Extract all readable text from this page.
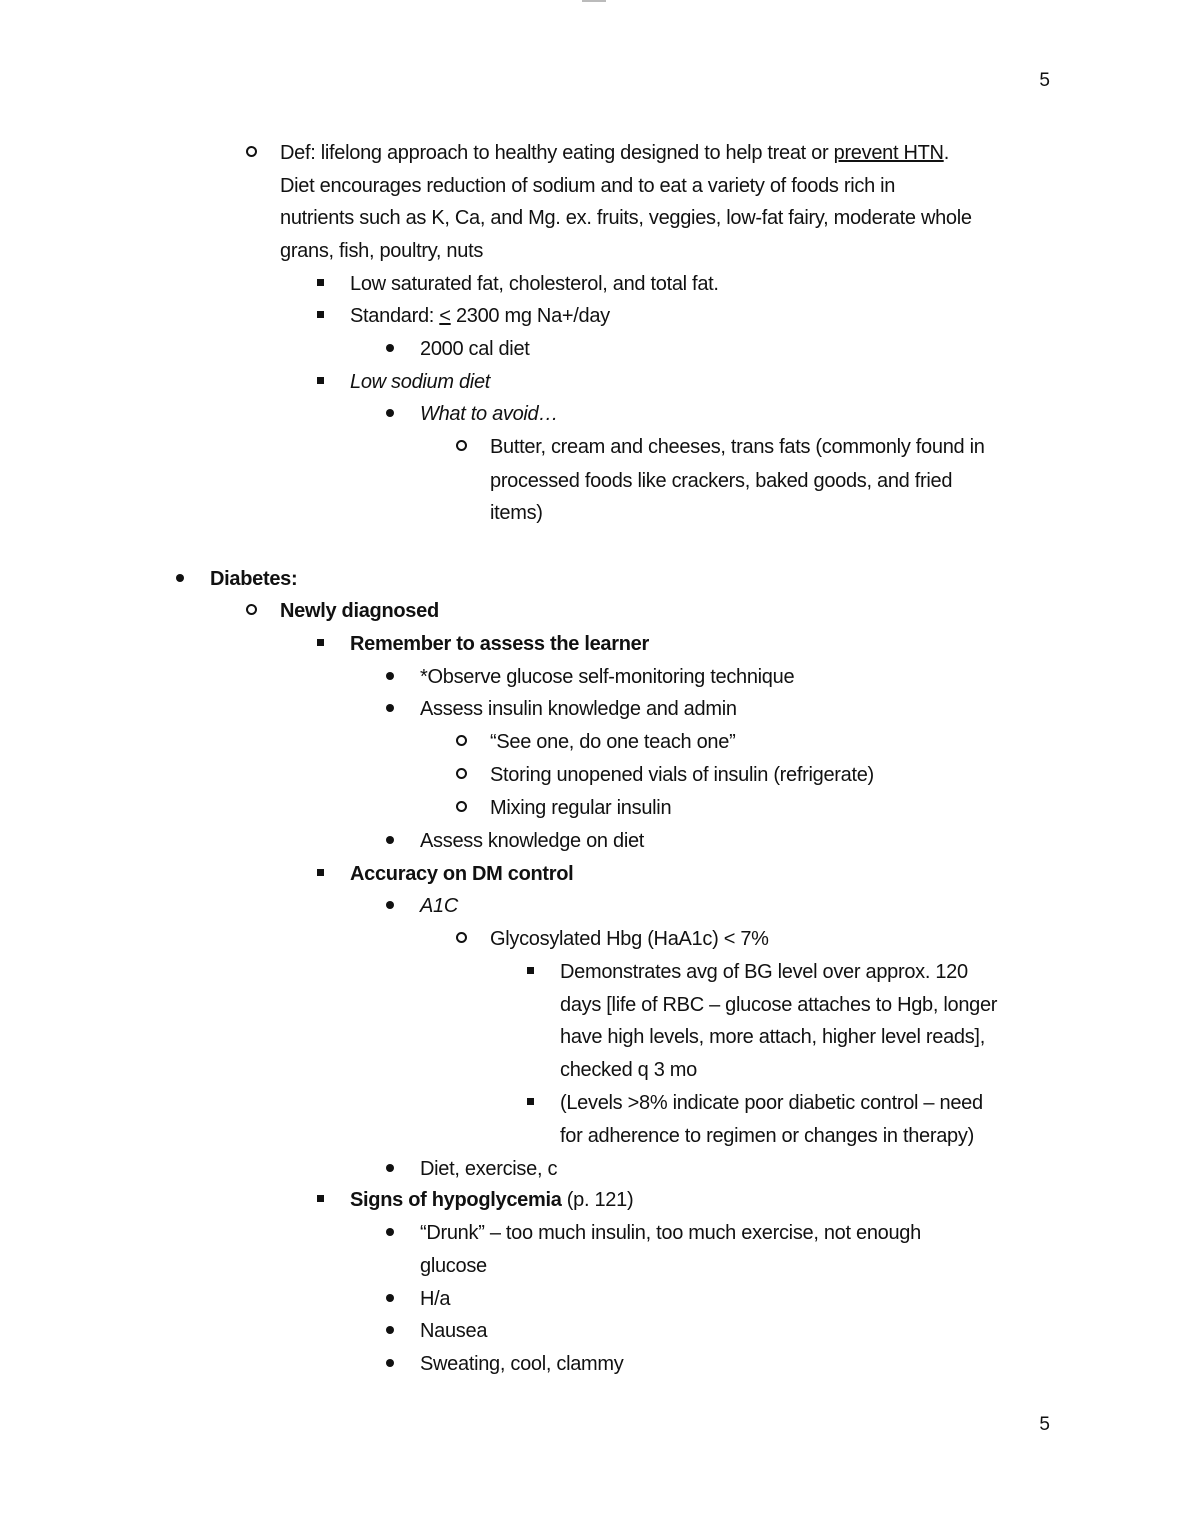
5
Def: lifelong approach to healthy eating designed to help treat or prevent HTN.
Diet encourages reduction of sodium and to eat a variety of foods rich in
nutrients such as K, Ca, and Mg. ex. fruits, veggies, low-fat fairy, moderate whole
grans, fish, poultry, nuts
Low saturated fat, cholesterol, and total fat.
Standard: < 2300 mg Na+/day
2000 cal diet
Low sodium diet
What to avoid…
Butter, cream and cheeses, trans fats (commonly found in
processed foods like crackers, baked goods, and fried
items)
Diabetes:
Newly diagnosed
Remember to assess the learner
*Observe glucose self-monitoring technique
Assess insulin knowledge and admin
“See one, do one teach one”
Storing unopened vials of insulin (refrigerate)
Mixing regular insulin
Assess knowledge on diet
Accuracy on DM control
A1C
Glycosylated Hbg (HaA1c) < 7%
Demonstrates avg of BG level over approx. 120
days [life of RBC – glucose attaches to Hgb, longer
have high levels, more attach, higher level reads],
checked q 3 mo
(Levels >8% indicate poor diabetic control – need
for adherence to regimen or changes in therapy)
Diet, exercise, c
Signs of hypoglycemia (p. 121)
“Drunk” – too much insulin, too much exercise, not enough
glucose
H/a
Nausea
Sweating, cool, clammy
5
